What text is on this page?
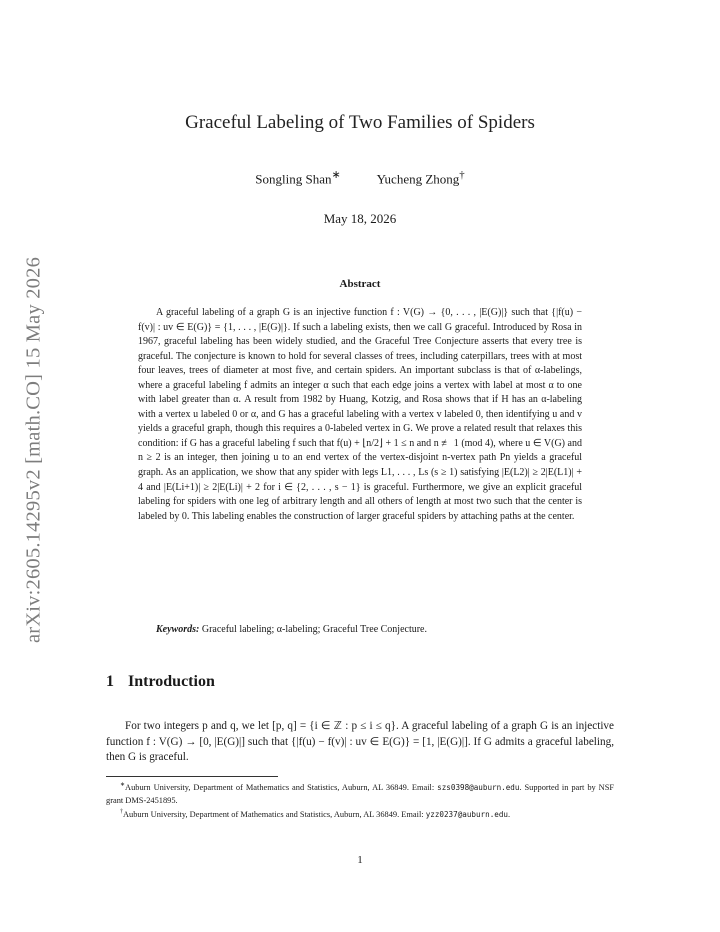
arXiv:2605.14295v2 [math.CO] 15 May 2026
Graceful Labeling of Two Families of Spiders
Songling Shan∗	Yucheng Zhong†
May 18, 2026
Abstract
A graceful labeling of a graph G is an injective function f : V(G) → {0, . . . , |E(G)|} such that {|f(u) − f(v)| : uv ∈ E(G)} = {1, . . . , |E(G)|}. If such a labeling exists, then we call G graceful. Introduced by Rosa in 1967, graceful labeling has been widely studied, and the Graceful Tree Conjecture asserts that every tree is graceful. The conjecture is known to hold for several classes of trees, including caterpillars, trees with at most four leaves, trees of diameter at most five, and certain spiders. An important subclass is that of α-labelings, where a graceful labeling f admits an integer α such that each edge joins a vertex with label at most α to one with label greater than α. A result from 1982 by Huang, Kotzig, and Rosa shows that if H has an α-labeling with a vertex u labeled 0 or α, and G has a graceful labeling with a vertex v labeled 0, then identifying u and v yields a graceful graph, though this requires a 0-labeled vertex in G. We prove a related result that relaxes this condition: if G has a graceful labeling f such that f(u) + ⌊n/2⌋ + 1 ≤ n and n ≢ 1 (mod 4), where u ∈ V(G) and n ≥ 2 is an integer, then joining u to an end vertex of the vertex-disjoint n-vertex path Pn yields a graceful graph. As an application, we show that any spider with legs L1, . . . , Ls (s ≥ 1) satisfying |E(L2)| ≥ 2|E(L1)| + 4 and |E(Li+1)| ≥ 2|E(Li)| + 2 for i ∈ {2, . . . , s − 1} is graceful. Furthermore, we give an explicit graceful labeling for spiders with one leg of arbitrary length and all others of length at most two such that the center is labeled by 0. This labeling enables the construction of larger graceful spiders by attaching paths at the center.
Keywords: Graceful labeling; α-labeling; Graceful Tree Conjecture.
1 Introduction
For two integers p and q, we let [p, q] = {i ∈ ℤ : p ≤ i ≤ q}. A graceful labeling of a graph G is an injective function f : V(G) → [0, |E(G)|] such that {|f(u) − f(v)| : uv ∈ E(G)} = [1, |E(G)|]. If G admits a graceful labeling, then G is graceful.
∗Auburn University, Department of Mathematics and Statistics, Auburn, AL 36849. Email: szs0398@auburn.edu. Supported in part by NSF grant DMS-2451895.
†Auburn University, Department of Mathematics and Statistics, Auburn, AL 36849. Email: yzz0237@auburn.edu.
1
